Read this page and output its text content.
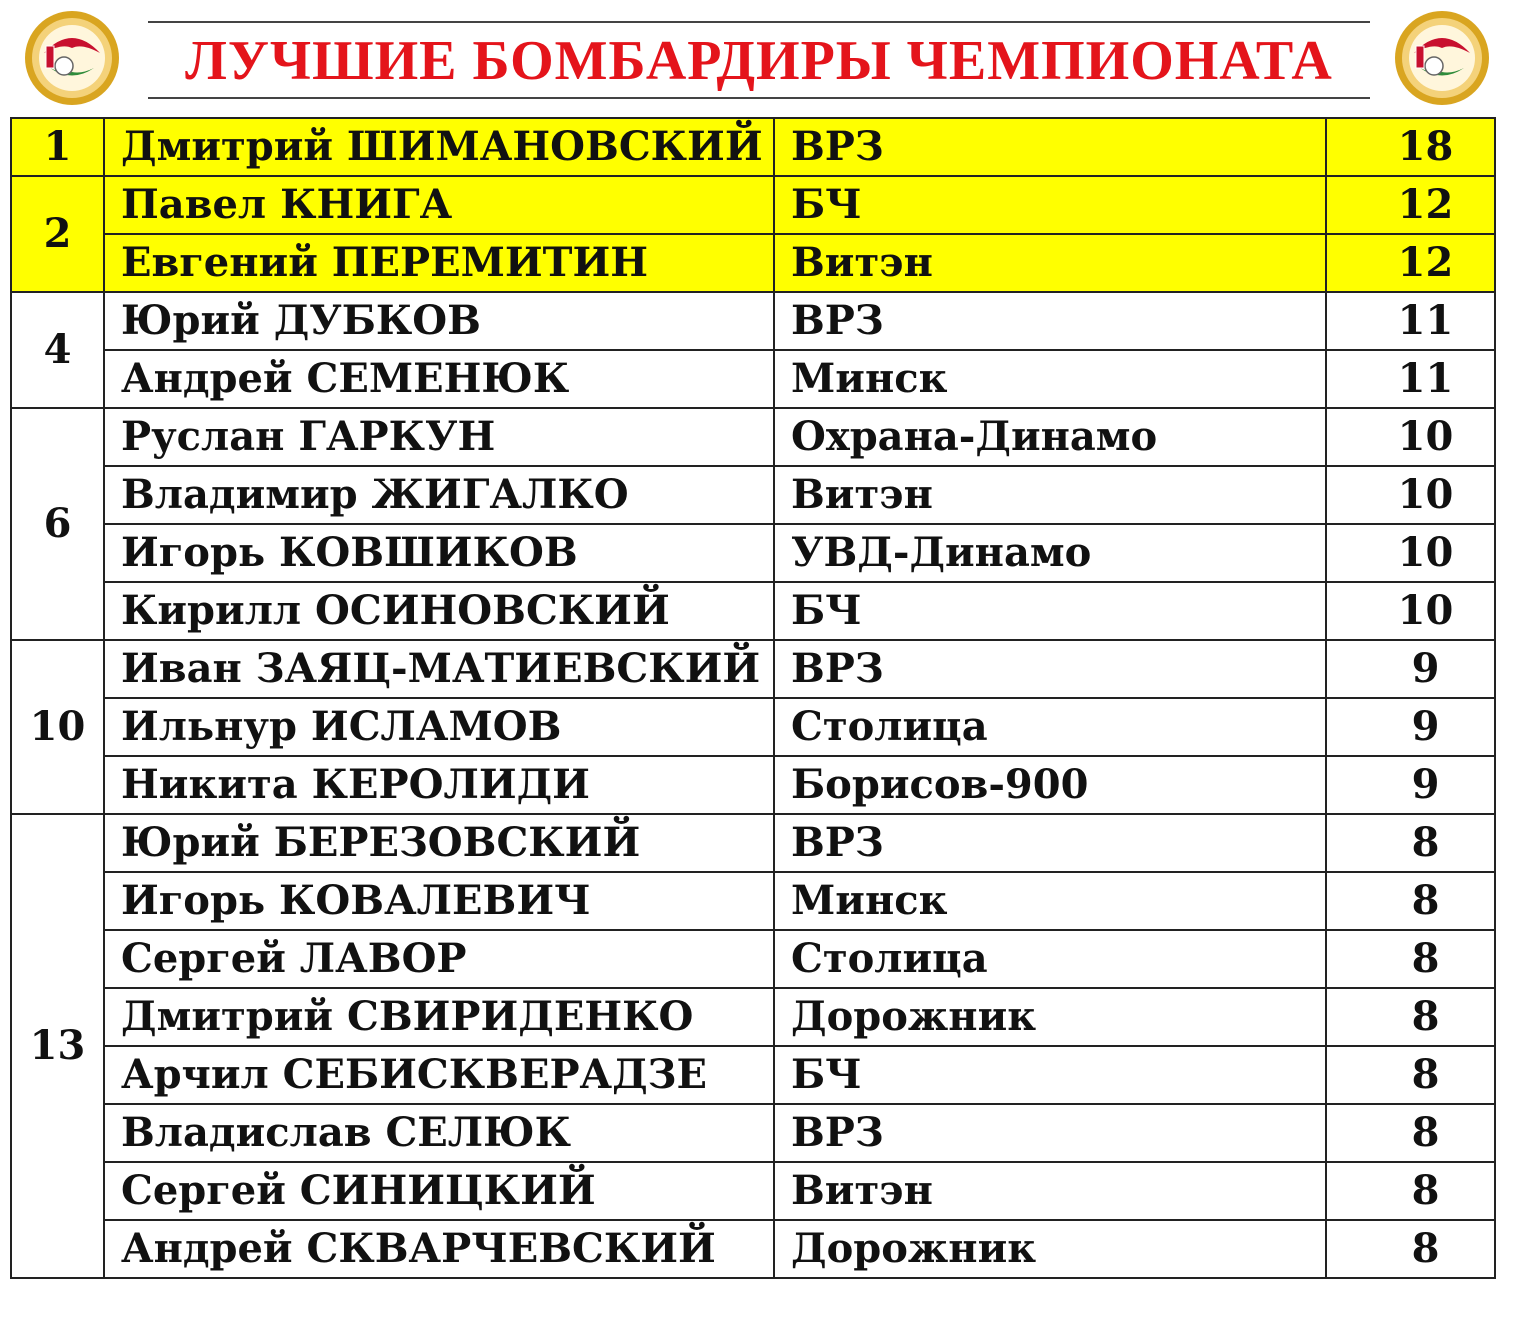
ЛУЧШИЕ БОМБАРДИРЫ ЧЕМПИОНАТА
1	Дмитрий ШИМАНОВСКИЙ	ВРЗ	18
2	Павел КНИГА	БЧ	12
	Евгений ПЕРЕМИТИН	Витэн	12
4	Юрий ДУБКОВ	ВРЗ	11
	Андрей СЕМЕНЮК	Минск	11
6	Руслан ГАРКУН	Охрана-Динамо	10
	Владимир ЖИГАЛКО	Витэн	10
	Игорь КОВШИКОВ	УВД-Динамо	10
	Кирилл ОСИНОВСКИЙ	БЧ	10
10	Иван ЗАЯЦ-МАТИЕВСКИЙ	ВРЗ	9
	Ильнур ИСЛАМОВ	Столица	9
	Никита КЕРОЛИДИ	Борисов-900	9
13	Юрий БЕРЕЗОВСКИЙ	ВРЗ	8
	Игорь КОВАЛЕВИЧ	Минск	8
	Сергей ЛАВОР	Столица	8
	Дмитрий СВИРИДЕНКО	Дорожник	8
	Арчил СЕБИСКВЕРАДЗЕ	БЧ	8
	Владислав СЕЛЮК	ВРЗ	8
	Сергей СИНИЦКИЙ	Витэн	8
	Андрей СКВАРЧЕВСКИЙ	Дорожник	8
